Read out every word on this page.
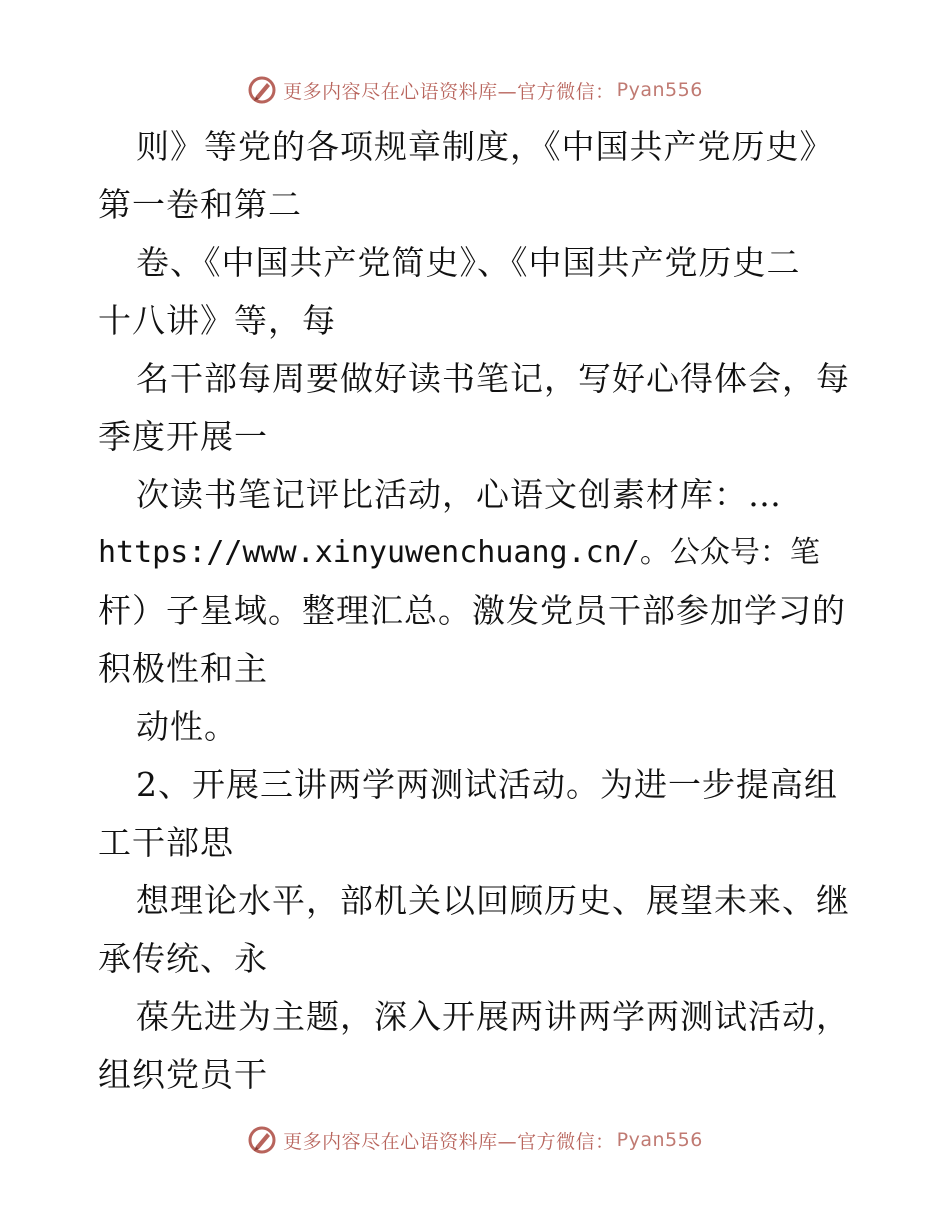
更多内容尽在心语资料库—官方微信： Pyan556
则》等党的各项规章制度，《中国共产党历史》
第一卷和第二
卷、《中国共产党简史》、《中国共产党历史二
十八讲》等，每
名干部每周要做好读书笔记，写好心得体会，每
季度开展一
次读书笔记评比活动，心语文创素材库：…
https://www.xinyuwenchuang.cn/。公众号：笔
杆）子星域。整理汇总。激发党员干部参加学习的
积极性和主
动性。
2、开展三讲两学两测试活动。为进一步提高组
工干部思
想理论水平，部机关以回顾历史、展望未来、继
承传统、永
葆先进为主题，深入开展两讲两学两测试活动，
组织党员干
更多内容尽在心语资料库—官方微信： Pyan556
